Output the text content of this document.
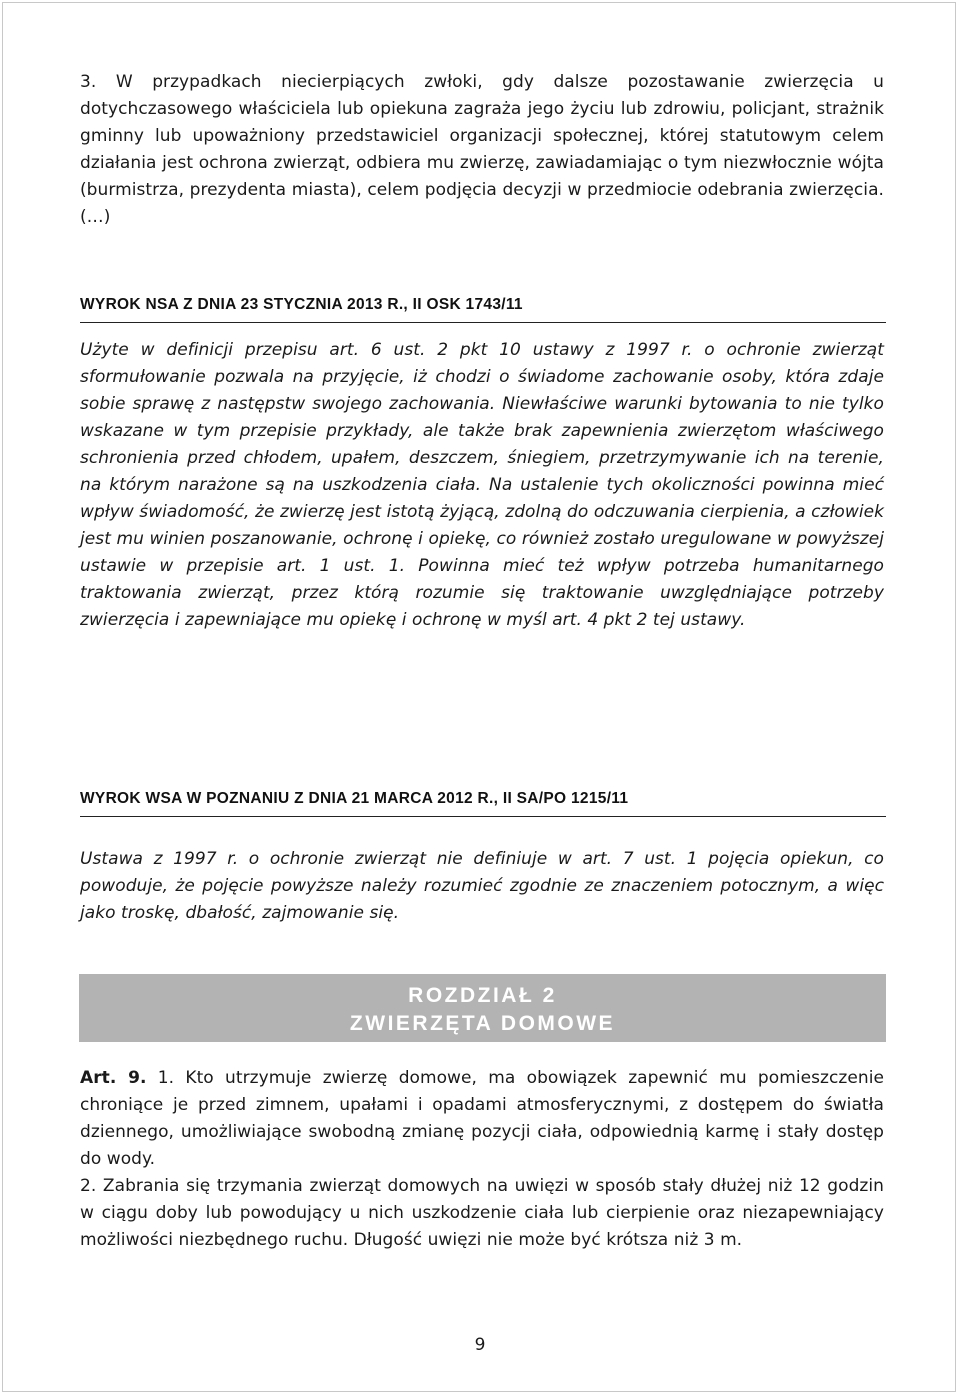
3. W przypadkach niecierpiących zwłoki, gdy dalsze pozostawanie zwierzęcia u dotychczasowego właściciela lub opiekuna zagraża jego życiu lub zdrowiu, policjant, strażnik gminny lub upoważniony przedstawiciel organizacji społecznej, której statutowym celem działania jest ochrona zwierząt, odbiera mu zwierzę, zawiadamiając o tym niezwłocznie wójta (burmistrza, prezydenta miasta), celem podjęcia decyzji w przedmiocie odebrania zwierzęcia. (…)

WYROK NSA Z DNIA 23 STYCZNIA 2013 R., II OSK 1743/11

Użyte w definicji przepisu art. 6 ust. 2 pkt 10 ustawy z 1997 r. o ochronie zwierząt sformułowanie pozwala na przyjęcie, iż chodzi o świadome zachowanie osoby, która zdaje sobie sprawę z następstw swojego zachowania. Niewłaściwe warunki bytowania to nie tylko wskazane w tym przepisie przykłady, ale także brak zapewnienia zwierzętom właściwego schronienia przed chłodem, upałem, deszczem, śniegiem, przetrzymywanie ich na terenie, na którym narażone są na uszkodzenia ciała. Na ustalenie tych okoliczności powinna mieć wpływ świadomość, że zwierzę jest istotą żyjącą, zdolną do odczuwania cierpienia, a człowiek jest mu winien poszanowanie, ochronę i opiekę, co również zostało uregulowane w powyższej ustawie w przepisie art. 1 ust. 1. Powinna mieć też wpływ potrzeba humanitarnego traktowania zwierząt, przez którą rozumie się traktowanie uwzględniające potrzeby zwierzęcia i zapewniające mu opiekę i ochronę w myśl art. 4 pkt 2 tej ustawy.

WYROK WSA W POZNANIU Z DNIA 21 MARCA 2012 R., II SA/PO 1215/11

Ustawa z 1997 r. o ochronie zwierząt nie definiuje w art. 7 ust. 1 pojęcia opiekun, co powoduje, że pojęcie powyższe należy rozumieć zgodnie ze znaczeniem potocznym, a więc jako troskę, dbałość, zajmowanie się.

ROZDZIAŁ 2
ZWIERZĘTA DOMOWE

Art. 9. 1. Kto utrzymuje zwierzę domowe, ma obowiązek zapewnić mu pomieszczenie chroniące je przed zimnem, upałami i opadami atmosferycznymi, z dostępem do światła dziennego, umożliwiające swobodną zmianę pozycji ciała, odpowiednią karmę i stały dostęp do wody.

2. Zabrania się trzymania zwierząt domowych na uwięzi w sposób stały dłużej niż 12 godzin w ciągu doby lub powodujący u nich uszkodzenie ciała lub cierpienie oraz niezapewniający możliwości niezbędnego ruchu. Długość uwięzi nie może być krótsza niż 3 m.

9
